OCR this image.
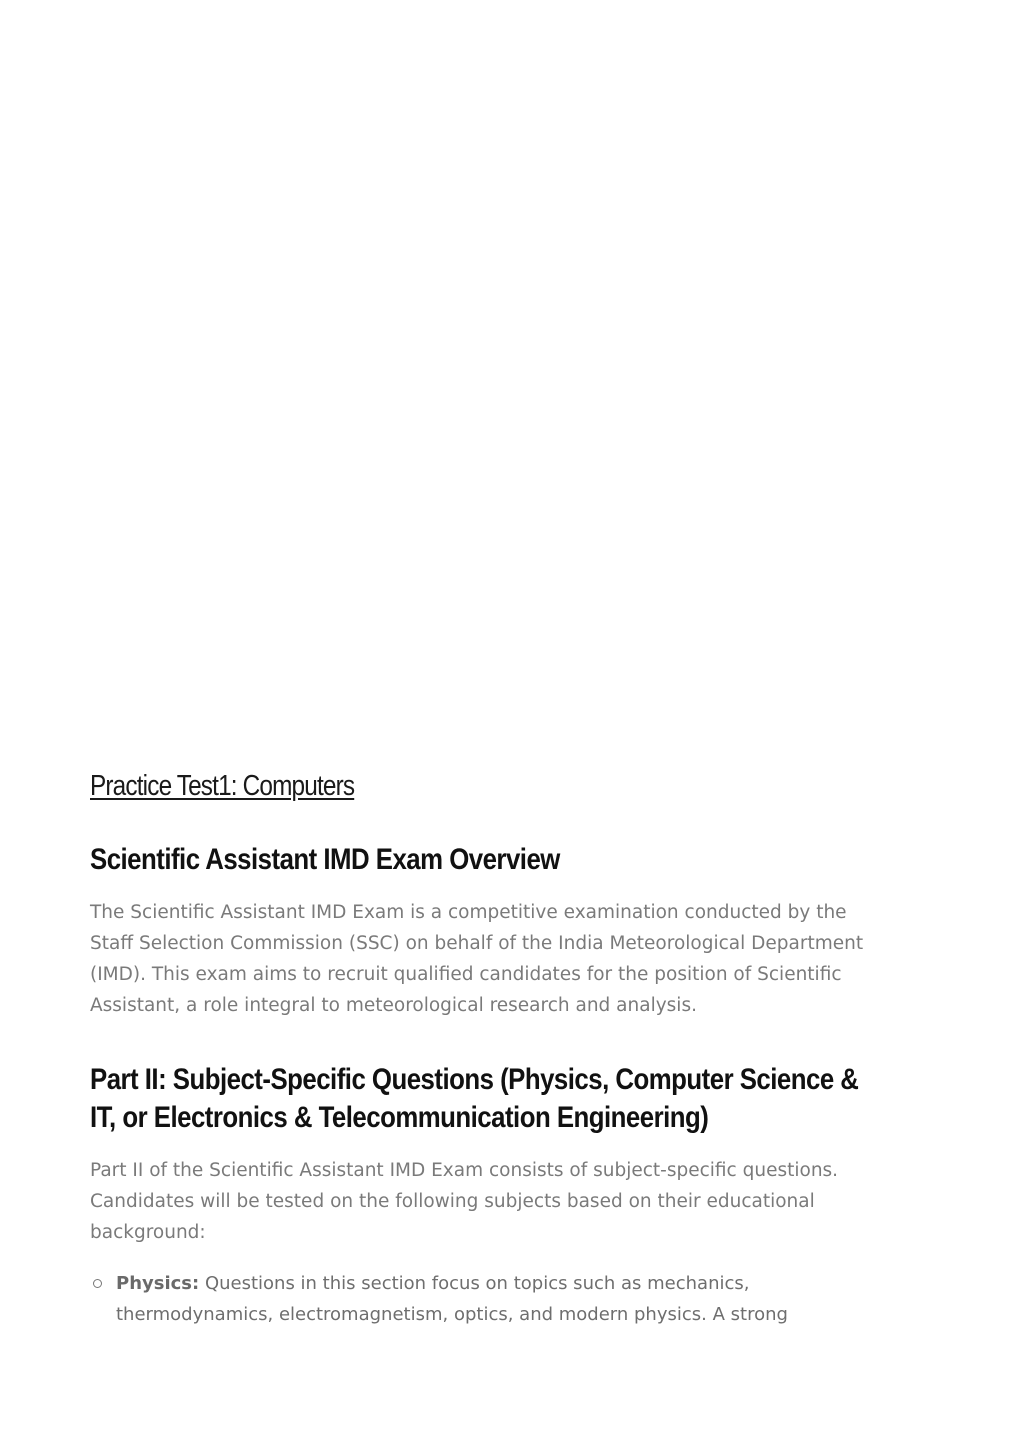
Practice Test1: Computers
Scientific Assistant IMD Exam Overview

The Scientific Assistant IMD Exam is a competitive examination conducted by the Staff Selection Commission (SSC) on behalf of the India Meteorological Department (IMD). This exam aims to recruit qualified candidates for the position of Scientific Assistant, a role integral to meteorological research and analysis.

Part II: Subject-Specific Questions (Physics, Computer Science & IT, or Electronics & Telecommunication Engineering)

Part II of the Scientific Assistant IMD Exam consists of subject-specific questions. Candidates will be tested on the following subjects based on their educational background:

Physics: Questions in this section focus on topics such as mechanics, thermodynamics, electromagnetism, optics, and modern physics. A strong
